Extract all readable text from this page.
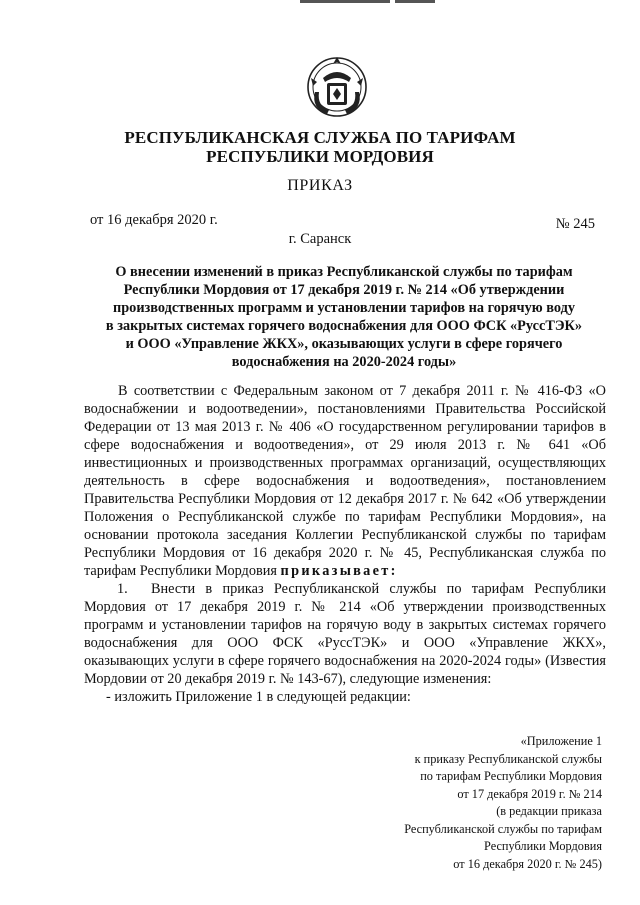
РЕСПУБЛИКАНСКАЯ СЛУЖБА ПО ТАРИФАМ
РЕСПУБЛИКИ МОРДОВИЯ
ПРИКАЗ
от 16 декабря 2020 г.	№ 245
г. Саранск
О внесении изменений в приказ Республиканской службы по тарифам
Республики Мордовия от 17 декабря 2019 г. № 214 «Об утверждении
производственных программ и установлении тарифов на горячую воду
в закрытых системах горячего водоснабжения для ООО ФСК «РуссТЭК»
и ООО «Управление ЖКХ», оказывающих услуги в сфере горячего
водоснабжения на 2020-2024 годы»

В соответствии с Федеральным законом от 7 декабря 2011 г. № 416-ФЗ «О водоснабжении и водоотведении», постановлениями Правительства Российской Федерации от 13 мая 2013 г. № 406 «О государственном регулировании тарифов в сфере водоснабжения и водоотведения», от 29 июля 2013 г. № 641 «Об инвестиционных и производственных программах организаций, осуществляющих деятельность в сфере водоснабжения и водоотведения», постановлением Правительства Республики Мордовия от 12 декабря 2017 г. № 642 «Об утверждении Положения о Республиканской службе по тарифам Республики Мордовия», на основании протокола заседания Коллегии Республиканской службы по тарифам Республики Мордовия от 16 декабря 2020 г. № 45, Республиканская служба по тарифам Республики Мордовия приказывает:

1. Внести в приказ Республиканской службы по тарифам Республики Мордовия от 17 декабря 2019 г. № 214 «Об утверждении производственных программ и установлении тарифов на горячую воду в закрытых системах горячего водоснабжения для ООО ФСК «РуссТЭК» и ООО «Управление ЖКХ», оказывающих услуги в сфере горячего водоснабжения на 2020-2024 годы» (Известия Мордовии от 20 декабря 2019 г. № 143-67), следующие изменения:

- изложить Приложение 1 в следующей редакции:

«Приложение 1
к приказу Республиканской службы
по тарифам Республики Мордовия
от 17 декабря 2019 г. № 214
(в редакции приказа
Республиканской службы по тарифам
Республики Мордовия
от 16 декабря 2020 г. № 245)
